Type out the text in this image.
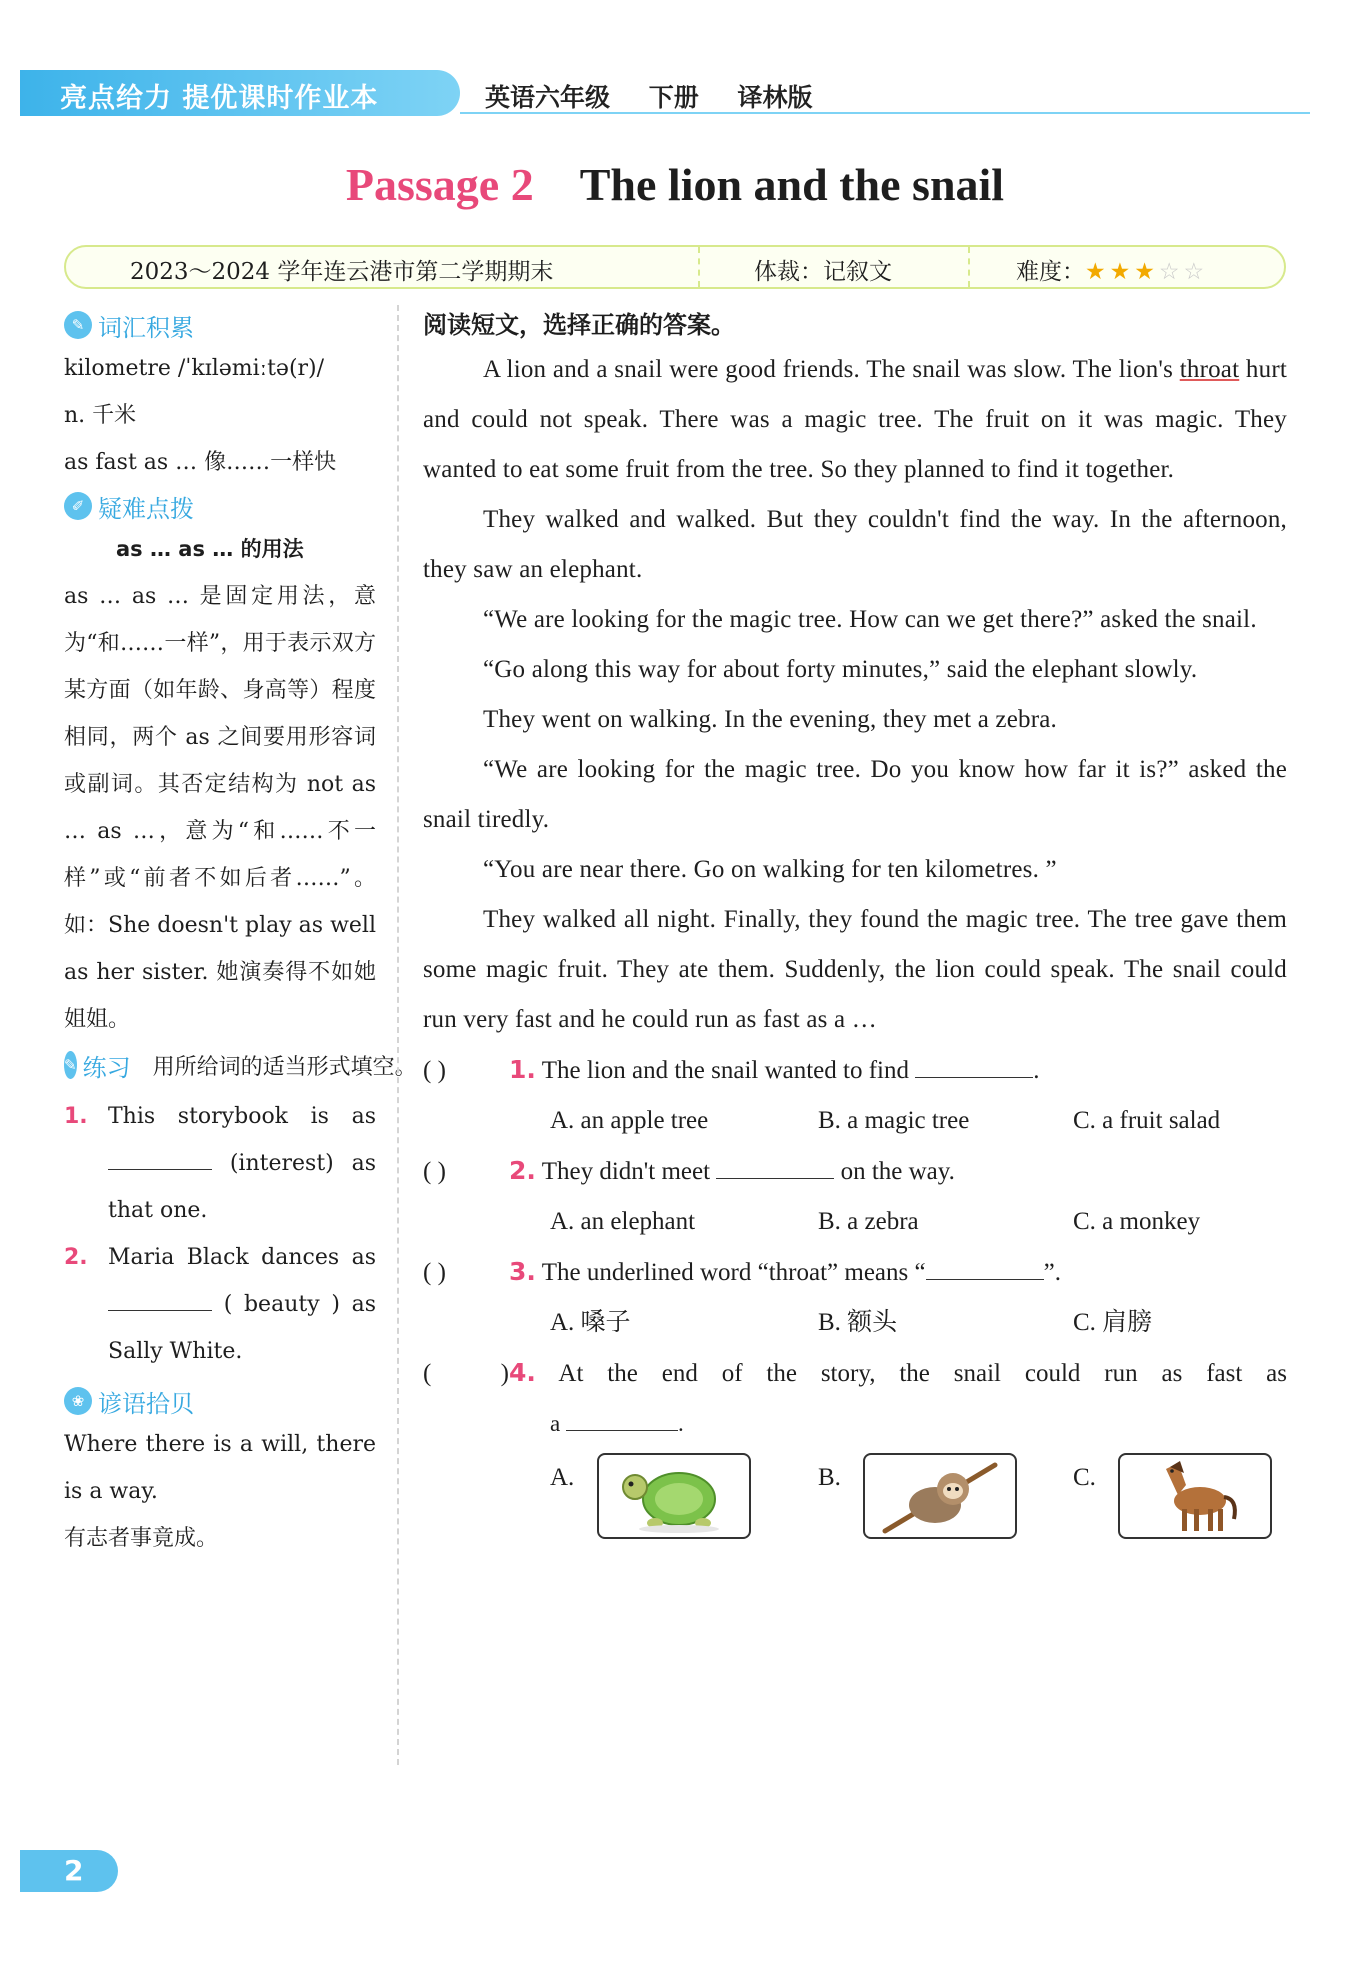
亮点给力 提优课时作业本	英语六年级 下册 译林版
Passage 2 The lion and the snail
2023～2024 学年连云港市第二学期期末	体裁：记叙文	难度：★★★☆☆
✎ 词汇积累
kilometre /ˈkɪləmiːtə(r)/
n. 千米
as fast as … 像……一样快
✐ 疑难点拨
as … as … 的用法
as … as … 是固定用法，意为“和……一样”，用于表示双方某方面（如年龄、身高等）程度相同，两个 as 之间要用形容词或副词。其否定结构为 not as … as …，意为“和……不一样”或“前者不如后者……”。如：She doesn't play as well as her sister. 她演奏得不如她姐姐。
✎ 练习 用所给词的适当形式填空。
1. This storybook is as
(interest) as
that one.
2. Maria Black dances as
( beauty ) as
Sally White.
❀ 谚语拾贝
Where there is a will, there is a way.
有志者事竟成。
阅读短文，选择正确的答案。

A lion and a snail were good friends. The snail was slow. The lion's throat hurt and could not speak. There was a magic tree. The fruit on it was magic. They wanted to eat some fruit from the tree. So they planned to find it together.

They walked and walked. But they couldn't find the way. In the afternoon, they saw an elephant.

“We are looking for the magic tree. How can we get there?” asked the snail.

“Go along this way for about forty minutes,” said the elephant slowly.

They went on walking. In the evening, they met a zebra.

“We are looking for the magic tree. Do you know how far it is?” asked the snail tiredly.

“You are near there. Go on walking for ten kilometres. ”

They walked all night. Finally, they found the magic tree. The tree gave them some magic fruit. They ate them. Suddenly, the lion could speak. The snail could run very fast and he could run as fast as a …

( )	1. The lion and the snail wanted to find	.
A. an apple tree	B. a magic tree	C. a fruit salad
( )	2. They didn't meet	on the way.
A. an elephant	B. a zebra	C. a monkey
( )	3. The underlined word “throat” means “	”.
A. 嗓子	B. 额头	C. 肩膀
( )4. At the end of the story, the snail could run as fast as
a	.
A.	B.	C.
2
